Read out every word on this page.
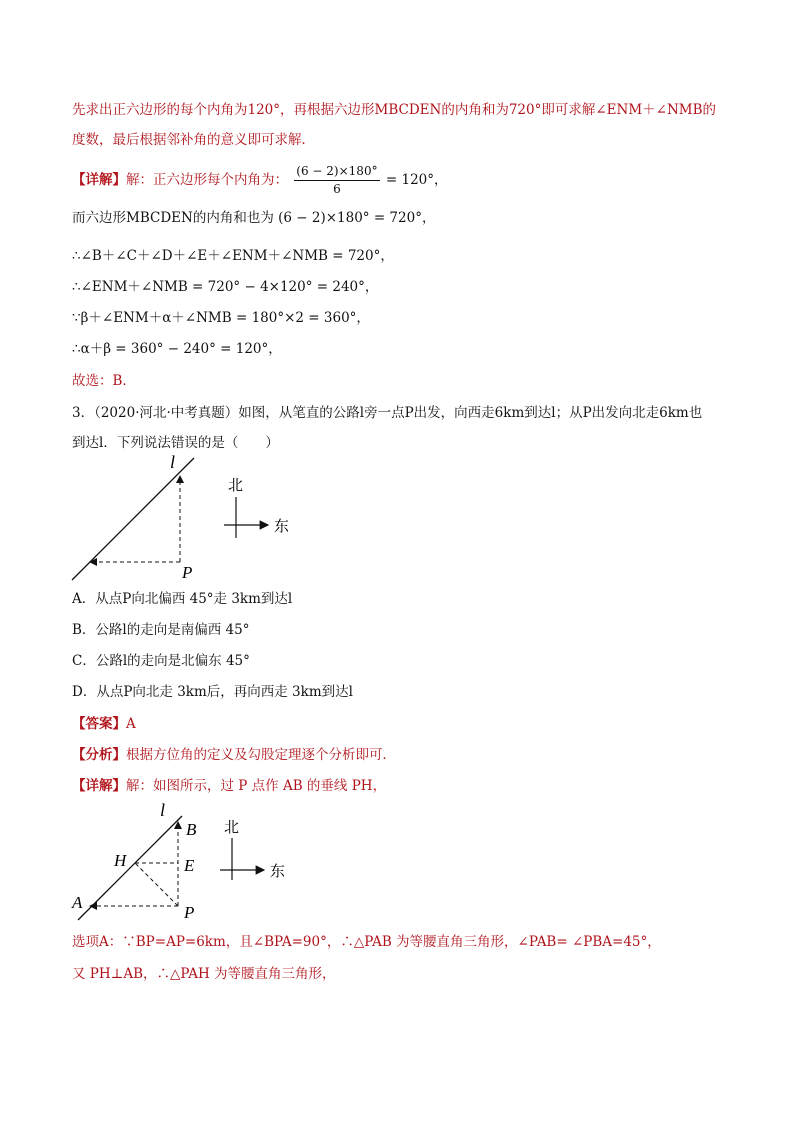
先求出正六边形的每个内角为120°，再根据六边形MBCDEN的内角和为720°即可求解∠ENM＋∠NMB的
度数，最后根据邻补角的意义即可求解．
【详解】解：正六边形每个内角为： $\frac{(6 - 2)\times 180^\circ}{6} = 120^\circ$，
而六边形MBCDEN的内角和也为 (6 − 2)×180° = 720°，
∴∠B＋∠C＋∠D＋∠E＋∠ENM＋∠NMB = 720°，
∴∠ENM＋∠NMB = 720° − 4×120° = 240°，
∵β＋∠ENM＋α＋∠NMB = 180°×2 = 360°，
∴α＋β = 360° − 240° = 120°，
故选：B．
3．（2020·河北·中考真题）如图，从笔直的公路l旁一点P出发，向西走6km到达l；从P出发向北走6km也
到达l．下列说法错误的是（　　）
l
P
北
东
A．从点P向北偏西 45°走 3km到达l
B．公路l的走向是南偏西 45°
C．公路l的走向是北偏东 45°
D．从点P向北走 3km后，再向西走 3km到达l
【答案】A
【分析】根据方位角的定义及勾股定理逐个分析即可．
【详解】解：如图所示，过 P 点作 AB 的垂线 PH，
l
B
H	E
A
P
北
东
选项A：∵BP=AP=6km，且∠BPA=90°，∴△PAB 为等腰直角三角形，∠PAB= ∠PBA=45°，
又 PH⊥AB，∴△PAH 为等腰直角三角形，
